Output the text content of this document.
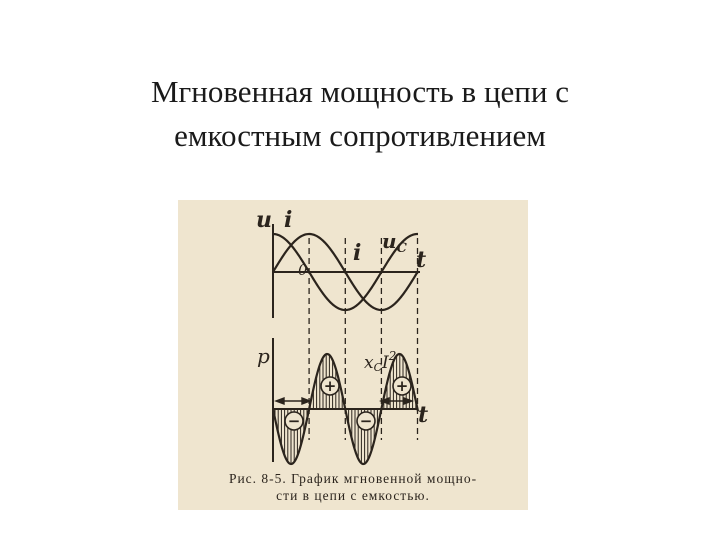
Мгновенная мощность в цепи с
емкостным сопротивлением
u i
t
0
i $u_C$
p	xCI$^2$
t
+	+
−	−
Рис. 8-5. График мгновенной мощно-
сти в цепи с емкостью.
